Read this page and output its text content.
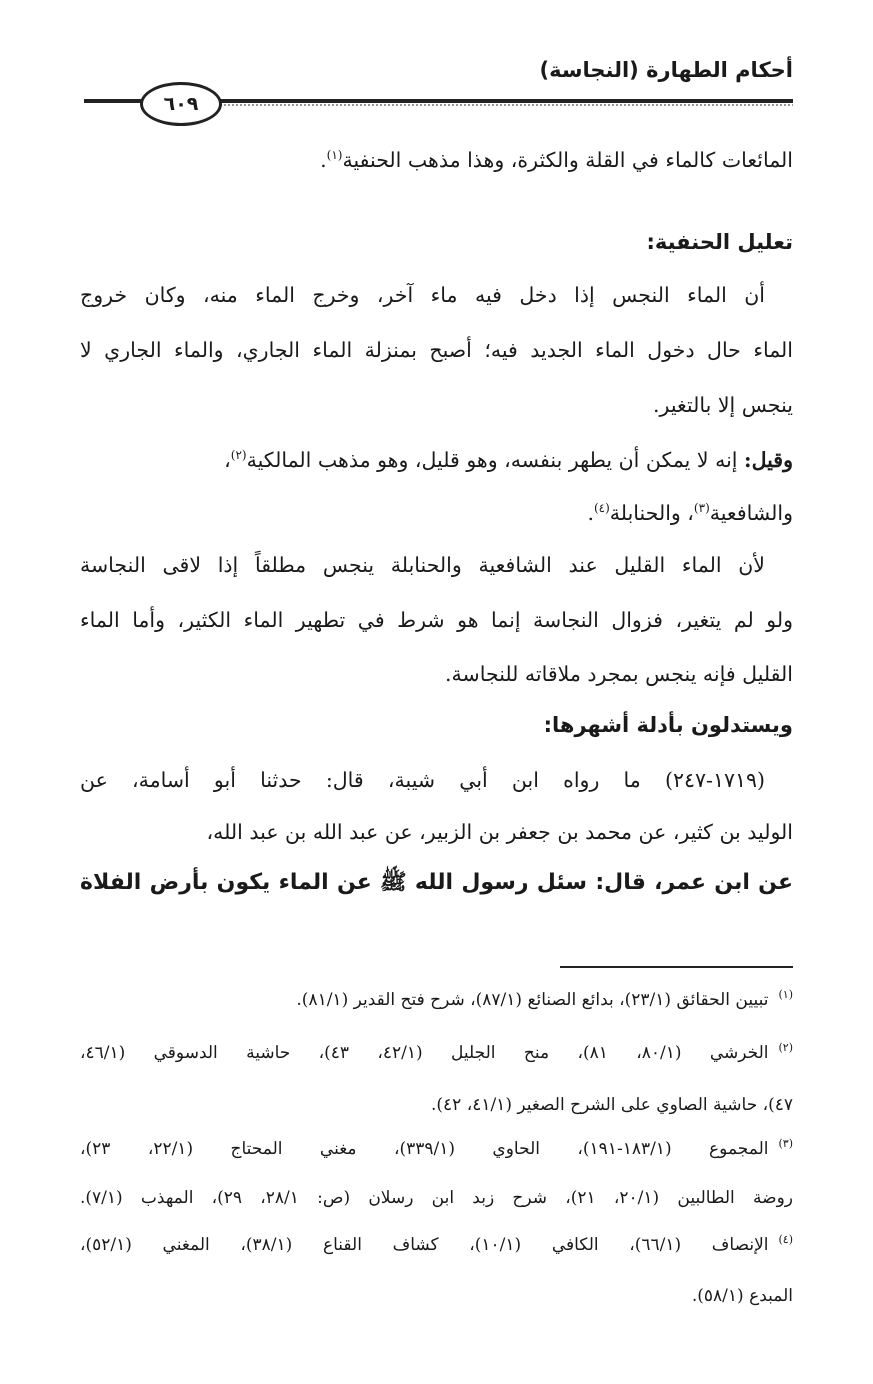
أحكام الطهارة (النجاسة)
٦٠٩
المائعات كالماء في القلة والكثرة، وهذا مذهب الحنفية$^{(١)}$.
تعليل الحنفية:
أن الماء النجس إذا دخل فيه ماء آخر، وخرج الماء منه، وكان خروج
الماء حال دخول الماء الجديد فيه؛ أصبح بمنزلة الماء الجاري، والماء الجاري لا
ينجس إلا بالتغير.
وقيل: إنه لا يمكن أن يطهر بنفسه، وهو قليل، وهو مذهب المالكية$^{(٢)}$،
والشافعية$^{(٣)}$، والحنابلة$^{(٤)}$.
لأن الماء القليل عند الشافعية والحنابلة ينجس مطلقاً إذا لاقى النجاسة
ولو لم يتغير، فزوال النجاسة إنما هو شرط في تطهير الماء الكثير، وأما الماء
القليل فإنه ينجس بمجرد ملاقاته للنجاسة.
ويستدلون بأدلة أشهرها:
(١٧١٩-٢٤٧) ما رواه ابن أبي شيبة، قال: حدثنا أبو أسامة، عن
الوليد بن كثير، عن محمد بن جعفر بن الزبير، عن عبد الله بن عبد الله،
عن ابن عمر، قال: سئل رسول الله ﷺ عن الماء يكون بأرض الفلاة
$^{(١)}$تبيين الحقائق (٢٣/١)، بدائع الصنائع (٨٧/١)، شرح فتح القدير (٨١/١).
$^{(٢)}$الخرشي (٨٠/١، ٨١)، منح الجليل (٤٢/١، ٤٣)، حاشية الدسوقي (٤٦/١،
٤٧)، حاشية الصاوي على الشرح الصغير (٤١/١، ٤٢).
$^{(٣)}$المجموع (١٨٣/١-١٩١)، الحاوي (٣٣٩/١)، مغني المحتاج (٢٢/١، ٢٣)،
روضة الطالبين (٢٠/١، ٢١)، شرح زبد ابن رسلان (ص: ٢٨/١، ٢٩)، المهذب (٧/١).
$^{(٤)}$الإنصاف (٦٦/١)، الكافي (١٠/١)، كشاف القناع (٣٨/١)، المغني (٥٢/١)،
المبدع (٥٨/١).
